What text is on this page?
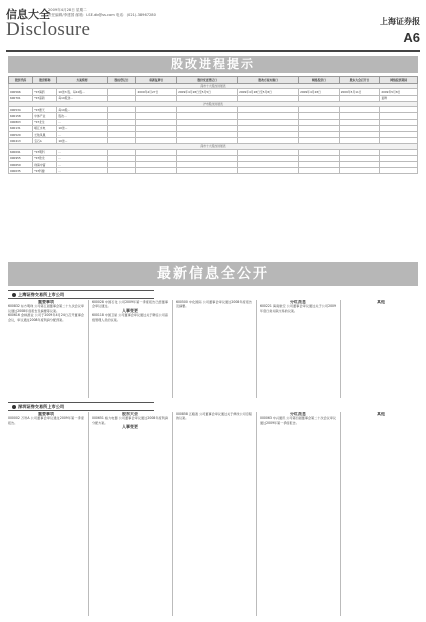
信息大全
2009年4月28日 星期二
责任编辑/李建国 邮箱：LSE.db@ss.com 电话：(021)-38967280
Disclosure	上海证券报
A6
股改进程提示
股票代码	股票简称	方案简要	股权登记日	重新复牌日	股份变更登记日	股改方案实施日	网络投票日	股东大会召开日	网络投票期间
深市十大股改进展表									
000566	*ST海药	10送3 股、每10股...		2009年4月27日	2009年4月28日至5月5日	2009年4月28日至5月8日	2009年4月28日	2009年5月11日	2009年5月8日
600701	*ST高新	每10股送...							复牌
沪市股改进展表									
000534	*ST惠天	每10股...							
600158	中体产业	股改...							
000803	*ST北生	...							
600131	岷江水电	10送...							
000520	长航凤凰	...							
000413	宝石A	10送...							
深市十大股改进展表									
600091	*ST明科	...							
000955	*ST欣龙	...							
000659	珠海中富	...							
000035	*ST科健	...							
最新信息全公开
上海证券交易所上市公司
重要事项
600832 东方明珠 公司第五届董事会第二十九次会议审议通过2008年度报告及摘要等议案。
600616 金枫酒业 公司于2009年4月24日召开董事会会议，审议通过2008年度利润分配预案。
600028 中国石化 公司2009年第一季度报告已经董事会审议通过。
人事变更
600118 中国卫星 公司董事会审议通过关于聘任公司高级管理人员的议案。
600500 中化国际 公司董事会审议通过2008年度报告及摘要。
分红派息
600221 海南航空 公司董事会审议通过关于公司2009年度日常关联交易的议案。
其他
深圳证券交易所上市公司
重要事项
000002 万科A 公司董事会审议通过2009年第一季度报告。
股东大会
000651 格力电器 公司董事会审议通过2008年度利润分配方案。
人事变更
000858 五粮液 公司董事会审议通过关于修改公司章程的议案。
分红派息
000063 中兴通讯 公司第四届董事会第二十次会议审议通过2009年第一季度报告。
其他
